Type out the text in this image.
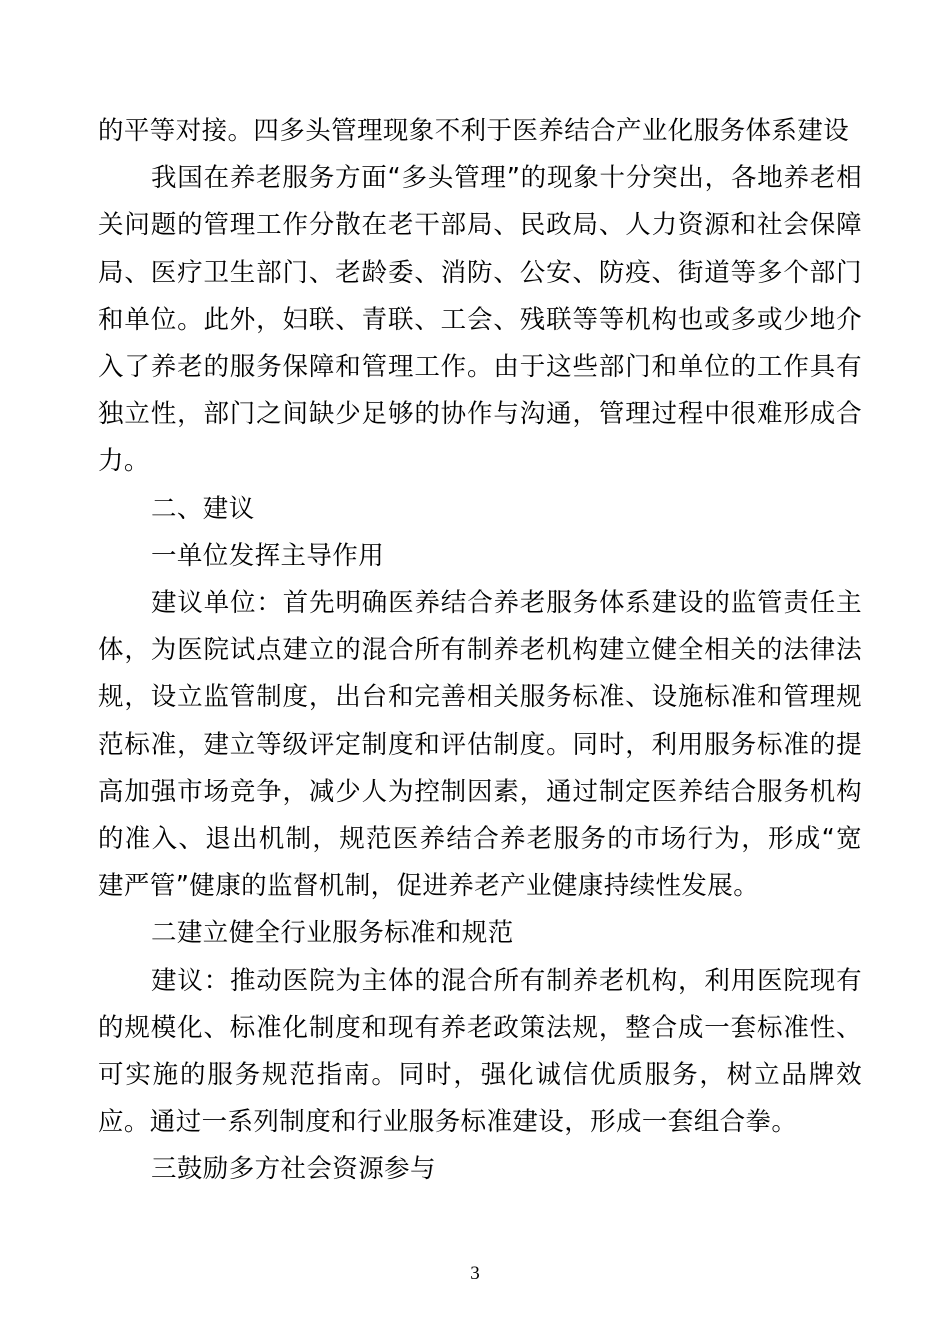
的平等对接。四多头管理现象不利于医养结合产业化服务体系建设

我国在养老服务方面“多头管理”的现象十分突出，各地养老相关问题的管理工作分散在老干部局、民政局、人力资源和社会保障局、医疗卫生部门、老龄委、消防、公安、防疫、街道等多个部门和单位。此外，妇联、青联、工会、残联等等机构也或多或少地介入了养老的服务保障和管理工作。由于这些部门和单位的工作具有独立性，部门之间缺少足够的协作与沟通，管理过程中很难形成合力。

二、建议

一单位发挥主导作用

建议单位：首先明确医养结合养老服务体系建设的监管责任主体，为医院试点建立的混合所有制养老机构建立健全相关的法律法规，设立监管制度，出台和完善相关服务标准、设施标准和管理规范标准，建立等级评定制度和评估制度。同时，利用服务标准的提高加强市场竞争，减少人为控制因素，通过制定医养结合服务机构的准入、退出机制，规范医养结合养老服务的市场行为，形成“宽建严管”健康的监督机制，促进养老产业健康持续性发展。

二建立健全行业服务标准和规范

建议：推动医院为主体的混合所有制养老机构，利用医院现有的规模化、标准化制度和现有养老政策法规，整合成一套标准性、可实施的服务规范指南。同时，强化诚信优质服务，树立品牌效应。通过一系列制度和行业服务标准建设，形成一套组合拳。

三鼓励多方社会资源参与

3
